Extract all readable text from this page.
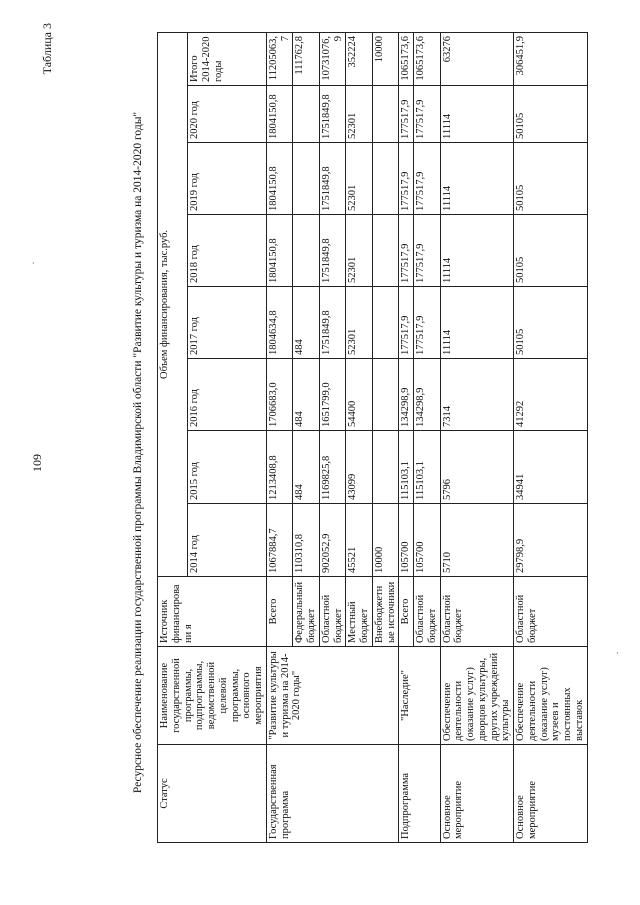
109
Таблица 3
Ресурсное обеспечение реализации государственной программы Владимирской области "Развитие культуры и туризма на 2014-2020 годы"
Статус	Наименование государственной программы, подпрограммы, ведомственной целевой программы, основного мероприятия	Источник финансировани я	Объем финансирования, тыс.руб.							
			2014 год	2015 год	2016 год	2017 год	2018 год	2019 год	2020 год	Итого 2014-2020 годы
Государственная программа	"Развитие культуры и туризма на 2014-2020 годы"	Всего	1067884,7	1213408,8	1706683,0	1804634,8	1804150,8	1804150,8	1804150,8	11205063,7
		Федеральный бюджет	110310,8	484	484	484				111762,8
		Областной бюджет	902052,9	1169825,8	1651799,0	1751849,8	1751849,8	1751849,8	1751849,8	10731076,9
		Местный бюджет	45521	43099	54400	52301	52301	52301	52301	352224
		Внебюджетные источники	10000							10000
Подпрограмма	"Наследие"	Всего	105700	115103,1	134298,9	177517,9	177517,9	177517,9	177517,9	1065173,6
		Областной бюджет	105700	115103,1	134298,9	177517,9	177517,9	177517,9	177517,9	1065173,6
Основное мероприятие	Обеспечение деятельности (оказание услуг) дворцов культуры, других учреждений культуры	Областной бюджет	5710	5796	7314	11114	11114	11114	11114	63276
Основное мероприятие	Обеспечение деятельности (оказание услуг) музеев и постоянных выставок	Областной бюджет	29798,9	34941	41292	50105	50105	50105	50105	306451,9
·
·
